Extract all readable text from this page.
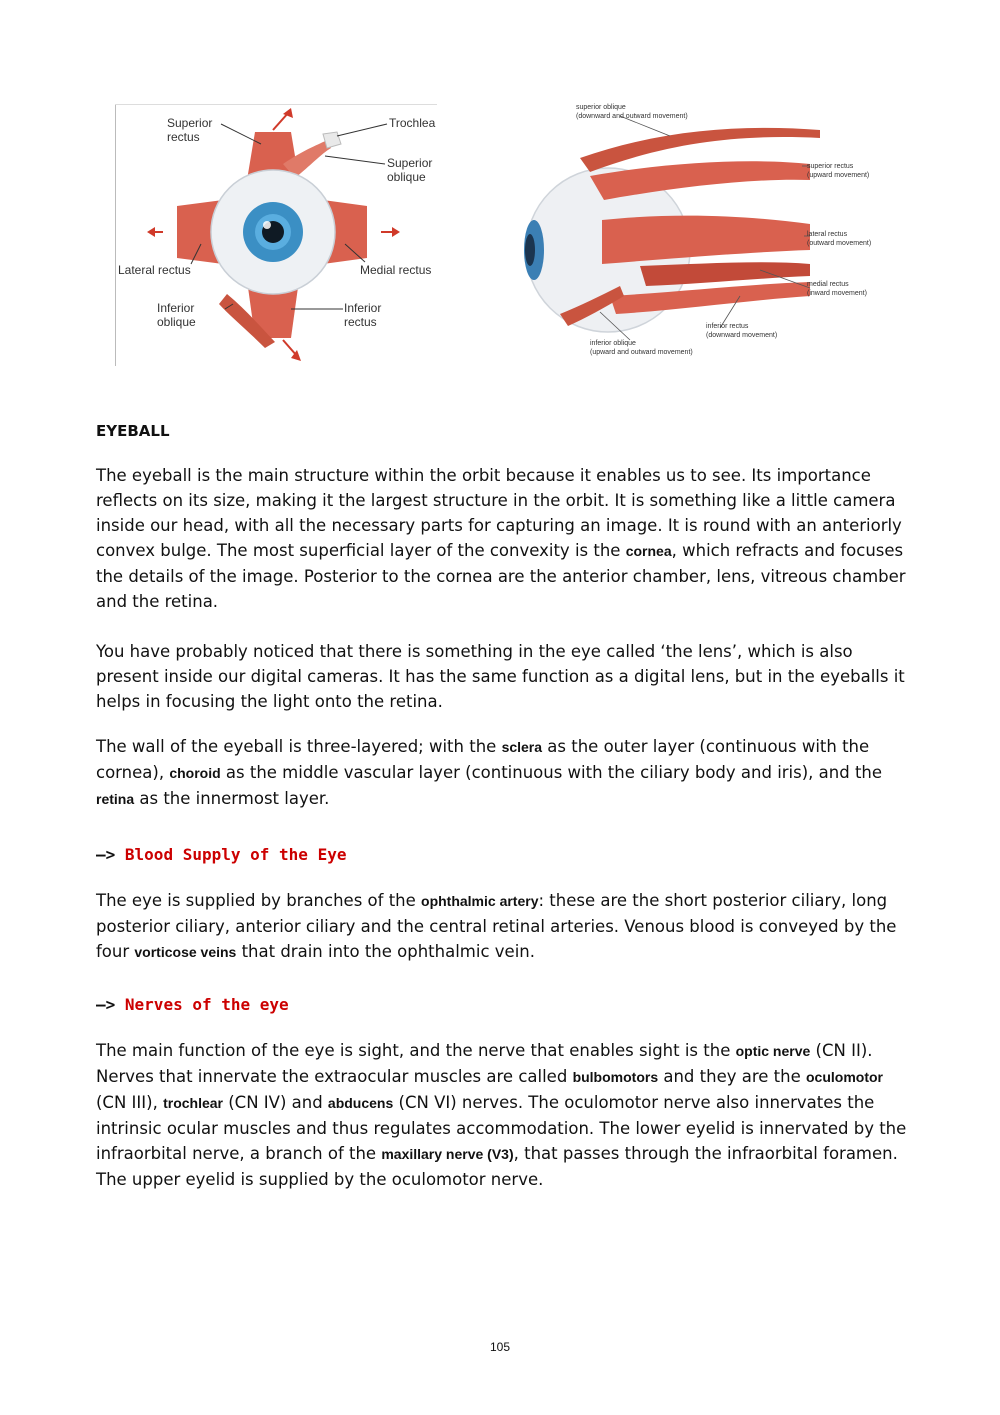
Superior
rectus
Trochlea
Superior
oblique
Lateral rectus	Medial rectus
Inferior
oblique
Inferior
rectus
superior oblique
(downward and outward movement)
superior rectus
(upward movement)
lateral rectus
(outward movement)
medial rectus
(inward movement)
inferior rectus
(downward movement)
inferior oblique
(upward and outward movement)
EYEBALL

The eyeball is the main structure within the orbit because it enables us to see. Its importance reflects on its size, making it the largest structure in the orbit. It is something like a little camera inside our head, with all the necessary parts for capturing an image. It is round with an anteriorly convex bulge. The most superficial layer of the convexity is the cornea, which refracts and focuses the details of the image. Posterior to the cornea are the anterior chamber, lens, vitreous chamber and the retina.

You have probably noticed that there is something in the eye called ‘the lens’, which is also present inside our digital cameras. It has the same function as a digital lens, but in the eyeballs it helps in focusing the light onto the retina.

The wall of the eyeball is three-layered; with the sclera as the outer layer (continuous with the cornea), choroid as the middle vascular layer (continuous with the ciliary body and iris), and the retina as the innermost layer.

—> Blood Supply of the Eye

The eye is supplied by branches of the ophthalmic artery: these are the short posterior ciliary, long posterior ciliary, anterior ciliary and the central retinal arteries. Venous blood is conveyed by the four vorticose veins that drain into the ophthalmic vein.

—> Nerves of the eye

The main function of the eye is sight, and the nerve that enables sight is the optic nerve (CN II). Nerves that innervate the extraocular muscles are called bulbomotors and they are the oculomotor (CN III), trochlear (CN IV) and abducens (CN VI) nerves. The oculomotor nerve also innervates the intrinsic ocular muscles and thus regulates accommodation. The lower eyelid is innervated by the infraorbital nerve, a branch of the maxillary nerve (V3), that passes through the infraorbital foramen. The upper eyelid is supplied by the oculomotor nerve.

105
